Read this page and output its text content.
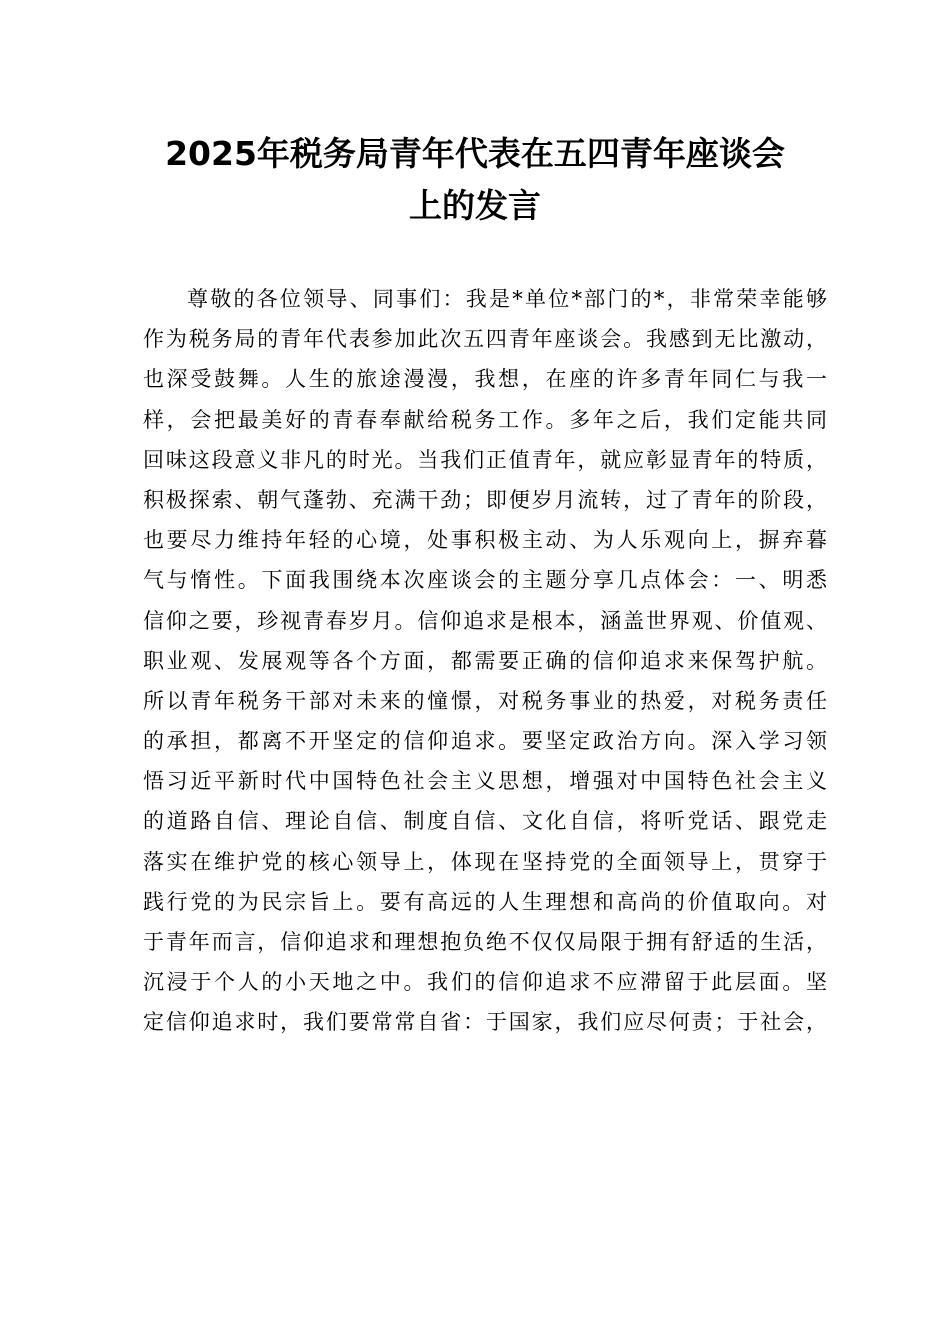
2025年税务局青年代表在五四青年座谈会
上的发言
尊敬的各位领导、同事们：我是*单位*部门的*，非常荣幸能够
作为税务局的青年代表参加此次五四青年座谈会。我感到无比激动，
也深受鼓舞。人生的旅途漫漫，我想，在座的许多青年同仁与我一
样，会把最美好的青春奉献给税务工作。多年之后，我们定能共同
回味这段意义非凡的时光。当我们正值青年，就应彰显青年的特质，
积极探索、朝气蓬勃、充满干劲；即便岁月流转，过了青年的阶段，
也要尽力维持年轻的心境，处事积极主动、为人乐观向上，摒弃暮
气与惰性。下面我围绕本次座谈会的主题分享几点体会：一、明悉
信仰之要，珍视青春岁月。信仰追求是根本，涵盖世界观、价值观、
职业观、发展观等各个方面，都需要正确的信仰追求来保驾护航。
所以青年税务干部对未来的憧憬，对税务事业的热爱，对税务责任
的承担，都离不开坚定的信仰追求。要坚定政治方向。深入学习领
悟习近平新时代中国特色社会主义思想，增强对中国特色社会主义
的道路自信、理论自信、制度自信、文化自信，将听党话、跟党走
落实在维护党的核心领导上，体现在坚持党的全面领导上，贯穿于
践行党的为民宗旨上。要有高远的人生理想和高尚的价值取向。对
于青年而言，信仰追求和理想抱负绝不仅仅局限于拥有舒适的生活，
沉浸于个人的小天地之中。我们的信仰追求不应滞留于此层面。坚
定信仰追求时，我们要常常自省：于国家，我们应尽何责；于社会，
